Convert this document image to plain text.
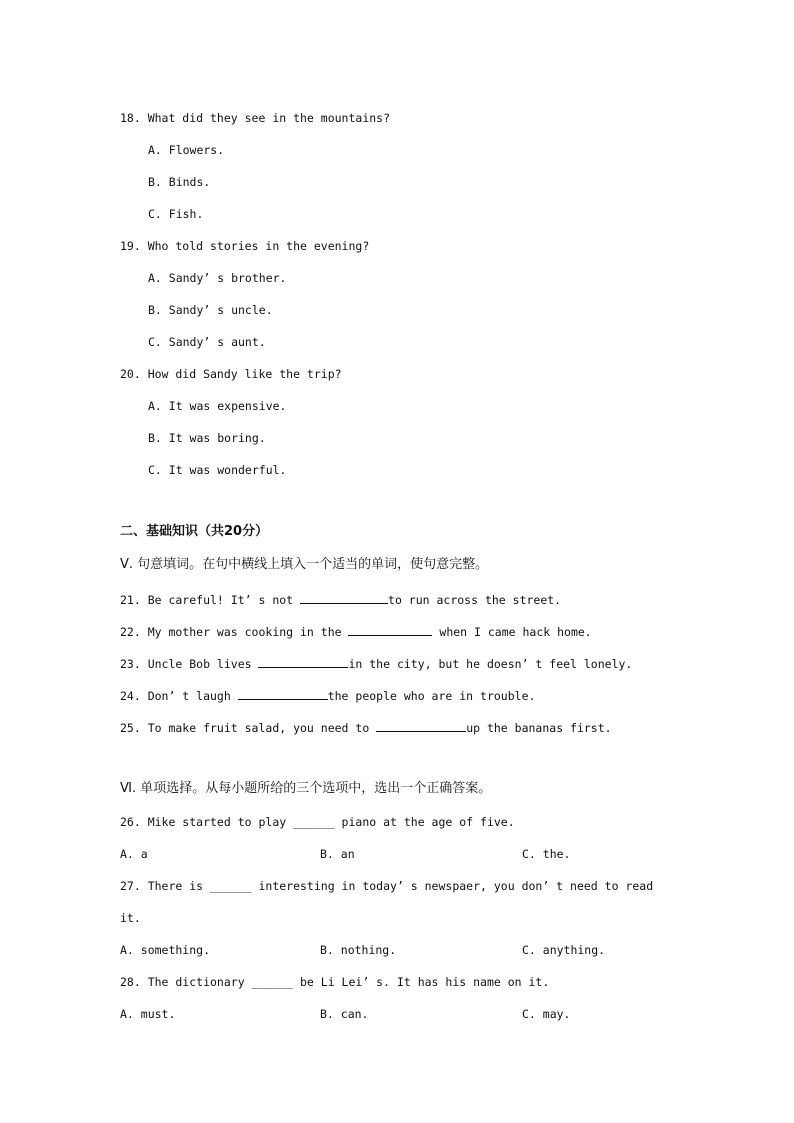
18. What did they see in the mountains?
A. Flowers.
B. Binds.
C. Fish.
19. Who told stories in the evening?
A. Sandy’ s brother.
B. Sandy’ s uncle.
C. Sandy’ s aunt.
20. How did Sandy like the trip?
A. It was expensive.
B. It was boring.
C. It was wonderful.
二、基础知识（共20分）
Ⅴ. 句意填词。在句中横线上填入一个适当的单词，使句意完整。
21. Be careful! It’ s not	to run across the street.
22. My mother was cooking in the	when I came hack home.
23. Uncle Bob lives	in the city, but he doesn’ t feel lonely.
24. Don’ t laugh	the people who are in trouble.
25. To make fruit salad, you need to	up the bananas first.
Ⅵ. 单项选择。从每小题所给的三个选项中，选出一个正确答案。
26. Mike started to play ______ piano at the age of five.
A. a	B. an	C. the.
27. There is ______ interesting in today’ s newspaer, you don’ t need to read
it.
A. something.	B. nothing.	C. anything.
28. The dictionary ______ be Li Lei’ s. It has his name on it.
A. must.	B. can.	C. may.
